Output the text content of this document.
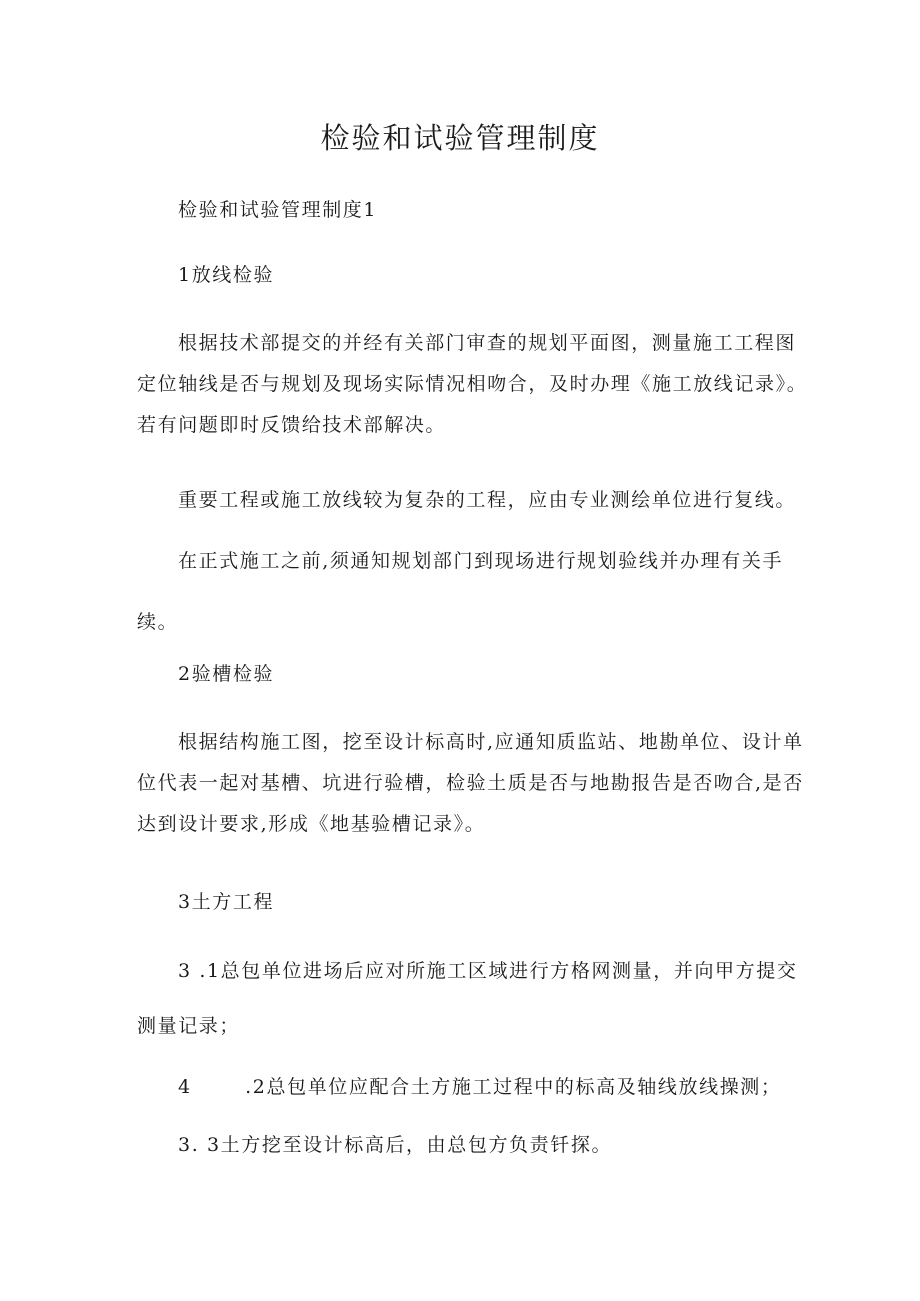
检验和试验管理制度

检验和试验管理制度1

1放线检验

根据技术部提交的并经有关部门审查的规划平面图，测量施工工程图
定位轴线是否与规划及现场实际情况相吻合，及时办理《施工放线记录》。
若有问题即时反馈给技术部解决。

重要工程或施工放线较为复杂的工程，应由专业测绘单位进行复线。

在正式施工之前,须通知规划部门到现场进行规划验线并办理有关手
续。

2验槽检验

根据结构施工图，挖至设计标高时,应通知质监站、地勘单位、设计单
位代表一起对基槽、坑进行验槽，检验土质是否与地勘报告是否吻合,是否
达到设计要求,形成《地基验槽记录》。

3土方工程

3 .1总包单位进场后应对所施工区域进行方格网测量，并向甲方提交
测量记录；

4       .2总包单位应配合土方施工过程中的标高及轴线放线操测；

3. 3土方挖至设计标高后，由总包方负责钎探。
